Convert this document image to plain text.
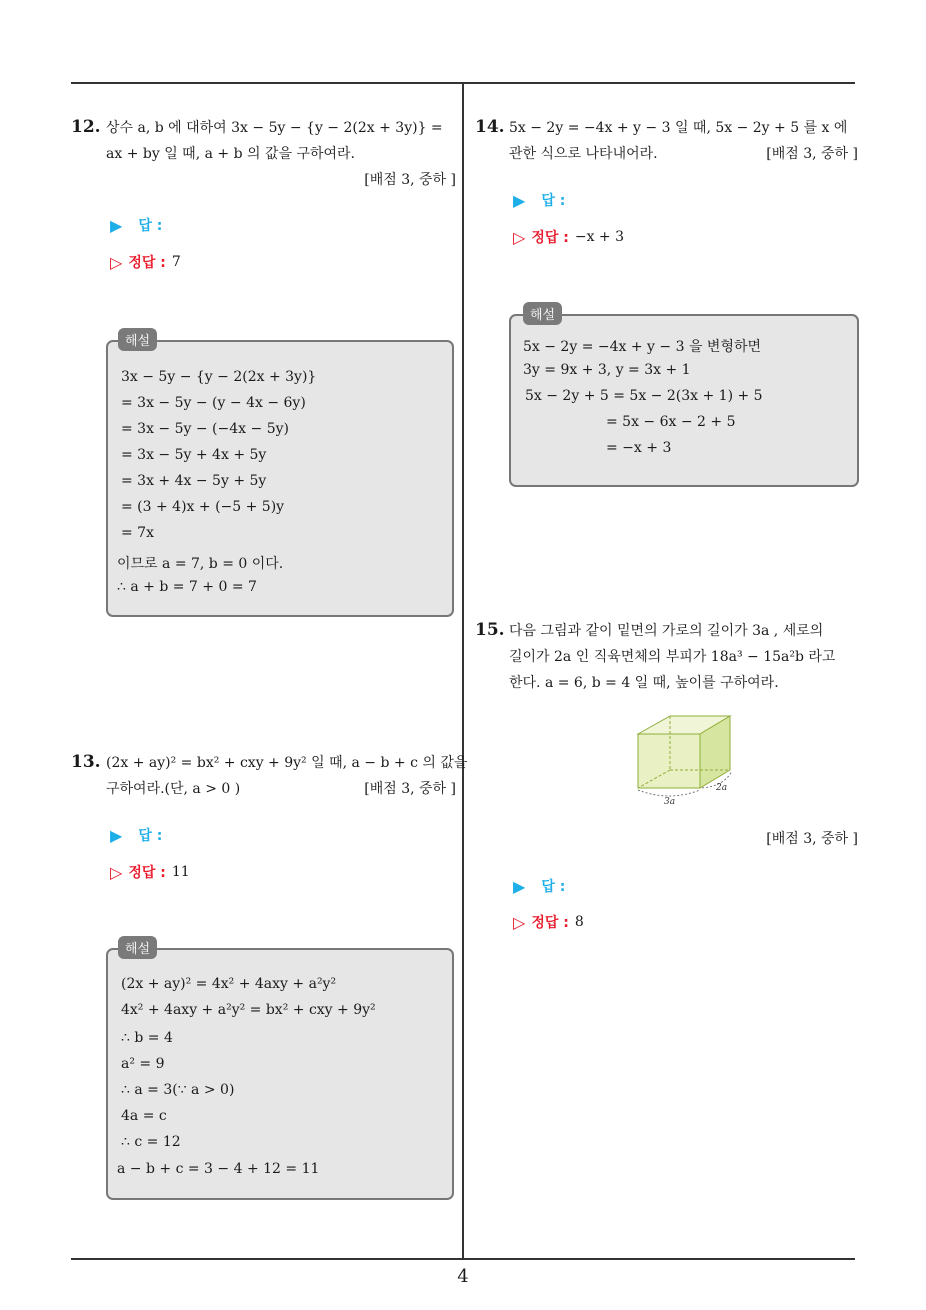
12. 상수 a, b 에 대하여 3x − 5y − {y − 2(2x + 3y)} =
ax + by 일 때, a + b 의 값을 구하여라.
[배점 3, 중하 ]
▶ 답 :
▷ 정답 : 7
해설
3x − 5y − {y − 2(2x + 3y)}
= 3x − 5y − (y − 4x − 6y)
= 3x − 5y − (−4x − 5y)
= 3x − 5y + 4x + 5y
= 3x + 4x − 5y + 5y
= (3 + 4)x + (−5 + 5)y
= 7x
이므로 a = 7, b = 0 이다.
∴ a + b = 7 + 0 = 7
13. (2x + ay)² = bx² + cxy + 9y² 일 때, a − b + c 의 값을
구하여라.(단, a > 0 )	[배점 3, 중하 ]
▶ 답 :
▷ 정답 : 11
해설
(2x + ay)² = 4x² + 4axy + a²y²
4x² + 4axy + a²y² = bx² + cxy + 9y²
∴ b = 4
a² = 9
∴ a = 3(∵ a > 0)
4a = c
∴ c = 12
a − b + c = 3 − 4 + 12 = 11
14. 5x − 2y = −4x + y − 3 일 때, 5x − 2y + 5 를 x 에
관한 식으로 나타내어라.	[배점 3, 중하 ]
▶ 답 :
▷ 정답 : −x + 3
해설
5x − 2y = −4x + y − 3 을 변형하면
3y = 9x + 3, y = 3x + 1
5x − 2y + 5 = 5x − 2(3x + 1) + 5
= 5x − 6x − 2 + 5
= −x + 3
15. 다음 그림과 같이 밑면의 가로의 길이가 3a , 세로의
길이가 2a 인 직육면체의 부피가 18a³ − 15a²b 라고
한다. a = 6, b = 4 일 때, 높이를 구하여라.
3a
2a
[배점 3, 중하 ]
▶ 답 :
▷ 정답 : 8
4
